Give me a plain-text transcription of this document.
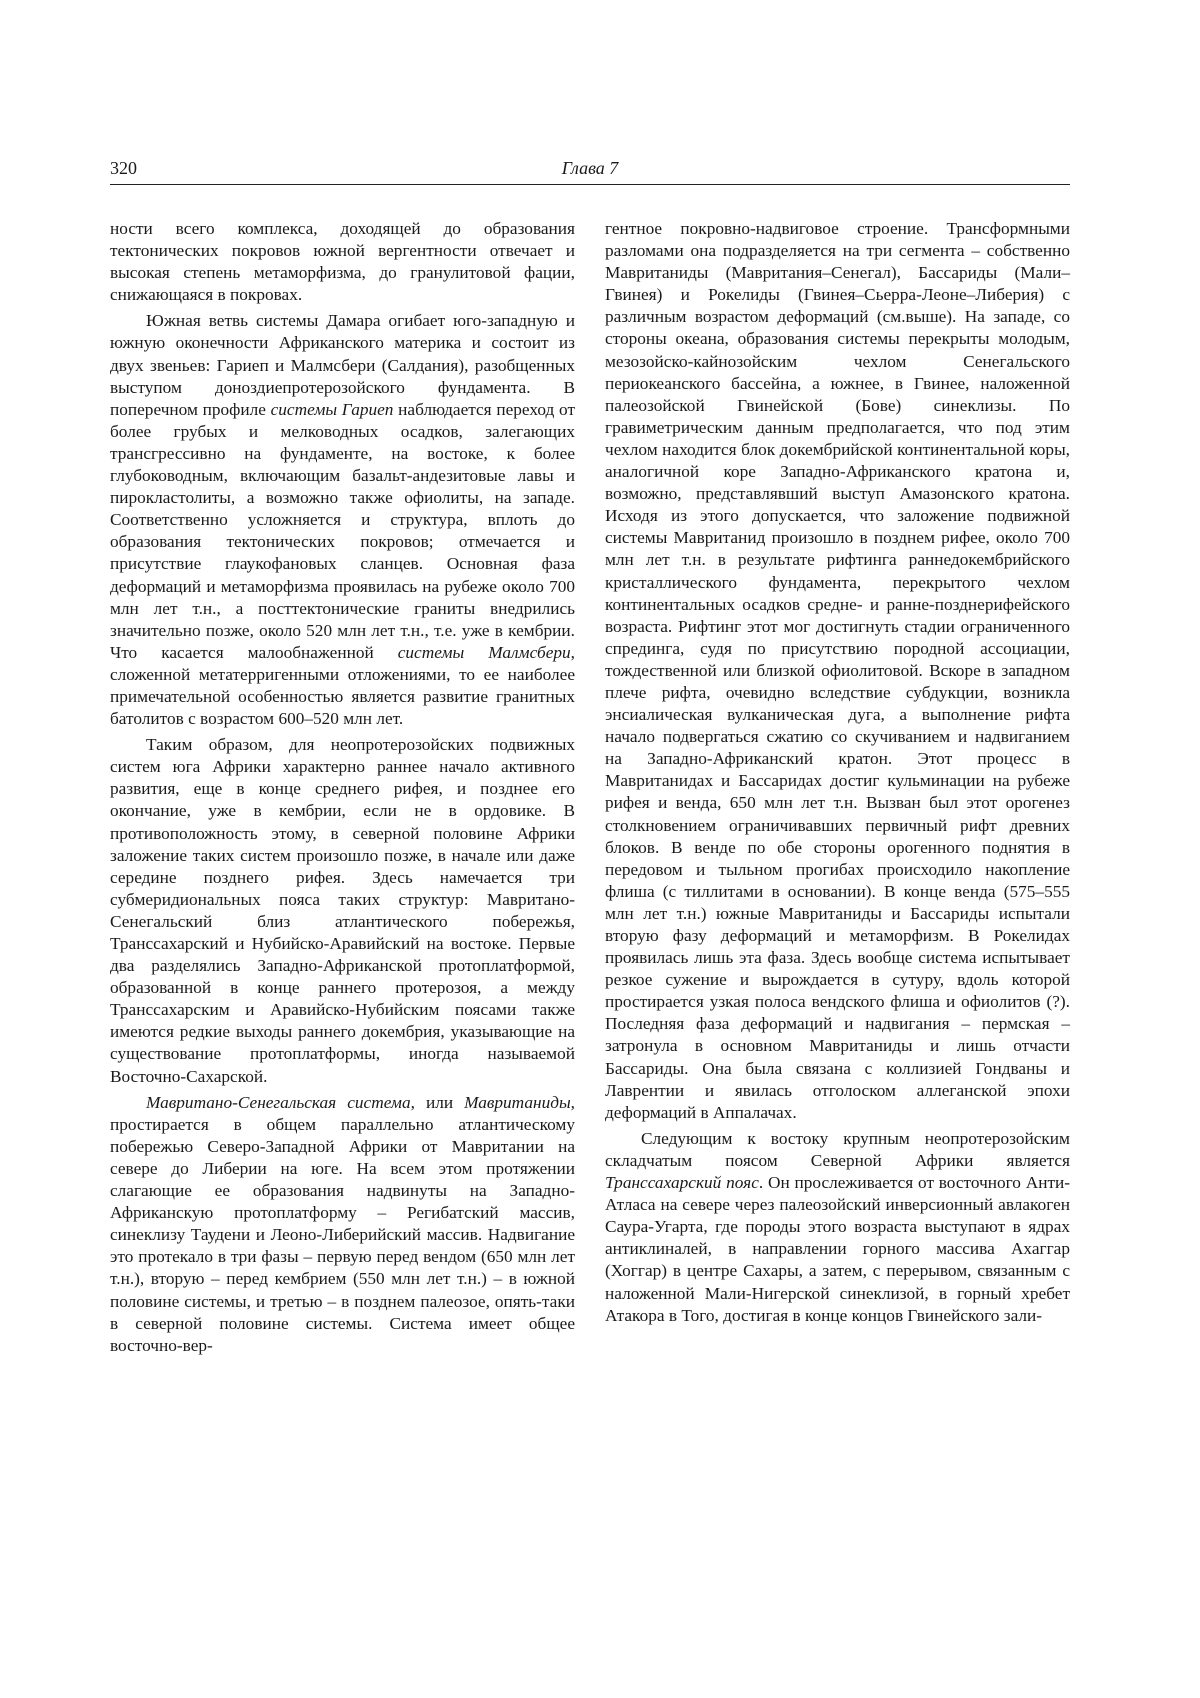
320	Глава 7

ности всего комплекса, доходящей до образования тектонических покровов южной вергентности отвечает и высокая степень метаморфизма, до гранулитовой фации, снижающаяся в покровах.

Южная ветвь системы Дамара огибает юго-западную и южную оконечности Африканского материка и состоит из двух звеньев: Гариеп и Малмсбери (Салдания), разобщенных выступом доноздиепротерозойского фундамента. В поперечном профиле системы Гариеп наблюдается переход от более грубых и мелководных осадков, залегающих трансгрессивно на фундаменте, на востоке, к более глубоководным, включающим базальт-андезитовые лавы и пирокластолиты, а возможно также офиолиты, на западе. Соответственно усложняется и структура, вплоть до образования тектонических покровов; отмечается и присутствие глаукофановых сланцев. Основная фаза деформаций и метаморфизма проявилась на рубеже около 700 млн лет т.н., а посттектонические граниты внедрились значительно позже, около 520 млн лет т.н., т.е. уже в кембрии. Что касается малообнаженной системы Малмсбери, сложенной метатерригенными отложениями, то ее наиболее примечательной особенностью является развитие гранитных батолитов с возрастом 600–520 млн лет.

Таким образом, для неопротерозойских подвижных систем юга Африки характерно раннее начало активного развития, еще в конце среднего рифея, и позднее его окончание, уже в кембрии, если не в ордовике. В противоположность этому, в северной половине Африки заложение таких систем произошло позже, в начале или даже середине позднего рифея. Здесь намечается три субмеридиональных пояса таких структур: Мавритано-Сенегальский близ атлантического побережья, Транссахарский и Нубийско-Аравийский на востоке. Первые два разделялись Западно-Африканской протоплатформой, образованной в конце раннего протерозоя, а между Транссахарским и Аравийско-Нубийским поясами также имеются редкие выходы раннего докембрия, указывающие на существование протоплатформы, иногда называемой Восточно-Сахарской.

Мавритано-Сенегальская система, или Мавританиды, простирается в общем параллельно атлантическому побережью Северо-Западной Африки от Мавритании на севере до Либерии на юге. На всем этом протяжении слагающие ее образования надвинуты на Западно-Африканскую протоплатформу – Регибатский массив, синеклизу Таудени и Леоно-Либерийский массив. Надвигание это протекало в три фазы – первую перед вендом (650 млн лет т.н.), вторую – перед кембрием (550 млн лет т.н.) – в южной половине системы, и третью – в позднем палеозое, опять-таки в северной половине системы. Система имеет общее восточно-вер-

гентное покровно-надвиговое строение. Трансформными разломами она подразделяется на три сегмента – собственно Мавританиды (Мавритания–Сенегал), Бассариды (Мали–Гвинея) и Рокелиды (Гвинея–Сьерра-Леоне–Либерия) с различным возрастом деформаций (см.выше). На западе, со стороны океана, образования системы перекрыты молодым, мезозойско-кайнозойским чехлом Сенегальского периокеанского бассейна, а южнее, в Гвинее, наложенной палеозойской Гвинейской (Бове) синеклизы. По гравиметрическим данным предполагается, что под этим чехлом находится блок докембрийской континентальной коры, аналогичной коре Западно-Африканского кратона и, возможно, представлявший выступ Амазонского кратона. Исходя из этого допускается, что заложение подвижной системы Мавританид произошло в позднем рифее, около 700 млн лет т.н. в результате рифтинга раннедокембрийского кристаллического фундамента, перекрытого чехлом континентальных осадков средне- и ранне-позднерифейского возраста. Рифтинг этот мог достигнуть стадии ограниченного спрединга, судя по присутствию породной ассоциации, тождественной или близкой офиолитовой. Вскоре в западном плече рифта, очевидно вследствие субдукции, возникла энсиалическая вулканическая дуга, а выполнение рифта начало подвергаться сжатию со скучиванием и надвиганием на Западно-Африканский кратон. Этот процесс в Мавританидах и Бассаридах достиг кульминации на рубеже рифея и венда, 650 млн лет т.н. Вызван был этот орогенез столкновением ограничивавших первичный рифт древних блоков. В венде по обе стороны орогенного поднятия в передовом и тыльном прогибах происходило накопление флиша (с тиллитами в основании). В конце венда (575–555 млн лет т.н.) южные Мавританиды и Бассариды испытали вторую фазу деформаций и метаморфизм. В Рокелидах проявилась лишь эта фаза. Здесь вообще система испытывает резкое сужение и вырождается в сутуру, вдоль которой простирается узкая полоса вендского флиша и офиолитов (?). Последняя фаза деформаций и надвигания – пермская – затронула в основном Мавританиды и лишь отчасти Бассариды. Она была связана с коллизией Гондваны и Лаврентии и явилась отголоском аллеганской эпохи деформаций в Аппалачах.

Следующим к востоку крупным неопротерозойским складчатым поясом Северной Африки является Транссахарский пояс. Он прослеживается от восточного Анти-Атласа на севере через палеозойский инверсионный авлакоген Саура-Угарта, где породы этого возраста выступают в ядрах антиклиналей, в направлении горного массива Ахаггар (Хоггар) в центре Сахары, а затем, с перерывом, связанным с наложенной Мали-Нигерской синеклизой, в горный хребет Атакора в Того, достигая в конце концов Гвинейского зали-
